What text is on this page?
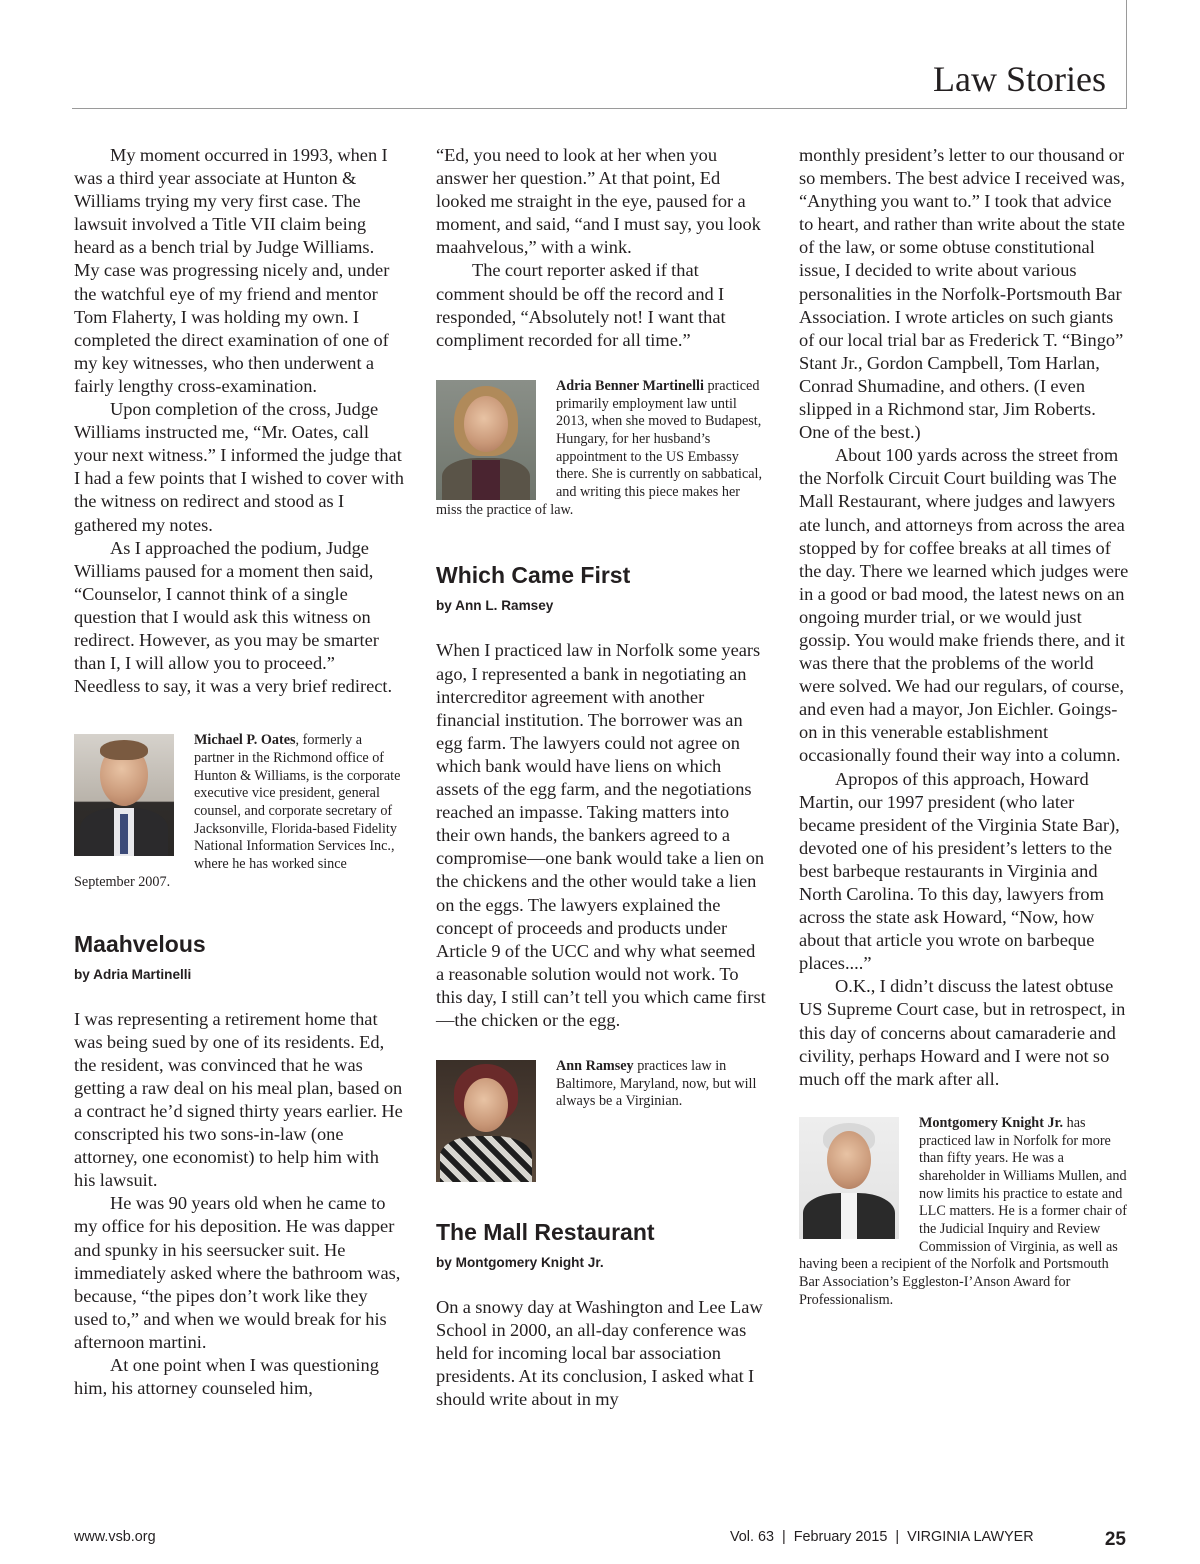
Law Stories

My moment occurred in 1993, when I was a third year associate at Hunton & Williams trying my very first case. The lawsuit involved a Title VII claim being heard as a bench trial by Judge Williams. My case was progressing nicely and, under the watchful eye of my friend and mentor Tom Flaherty, I was holding my own. I completed the direct examination of one of my key witnesses, who then underwent a fairly lengthy cross-examination.

Upon completion of the cross, Judge Williams instructed me, “Mr. Oates, call your next witness.” I informed the judge that I had a few points that I wished to cover with the witness on redirect and stood as I gathered my notes.

As I approached the podium, Judge Williams paused for a moment then said, “Counselor, I cannot think of a single question that I would ask this witness on redirect. However, as you may be smarter than I, I will allow you to proceed.” Needless to say, it was a very brief redirect.

Michael P. Oates, formerly a partner in the Richmond office of Hunton & Williams, is the corporate executive vice president, general counsel, and corporate secretary of Jacksonville, Florida-based Fidelity National Information Services Inc., where he has worked since September 2007.

Maahvelous
by Adria Martinelli

I was representing a retirement home that was being sued by one of its residents. Ed, the resident, was convinced that he was getting a raw deal on his meal plan, based on a contract he’d signed thirty years earlier. He conscripted his two sons-in-law (one attorney, one economist) to help him with his lawsuit.

He was 90 years old when he came to my office for his deposition. He was dapper and spunky in his seersucker suit. He immediately asked where the bathroom was, because, “the pipes don’t work like they used to,” and when we would break for his afternoon martini.

At one point when I was questioning him, his attorney counseled him,

“Ed, you need to look at her when you answer her question.” At that point, Ed looked me straight in the eye, paused for a moment, and said, “and I must say, you look maahvelous,” with a wink.

The court reporter asked if that comment should be off the record and I responded, “Absolutely not! I want that compliment recorded for all time.”

Adria Benner Martinelli practiced primarily employment law until 2013, when she moved to Budapest, Hungary, for her husband’s appointment to the US Embassy there. She is currently on sabbatical, and writing this piece makes her miss the practice of law.

Which Came First
by Ann L. Ramsey

When I practiced law in Norfolk some years ago, I represented a bank in negotiating an intercreditor agreement with another financial institution. The borrower was an egg farm. The lawyers could not agree on which bank would have liens on which assets of the egg farm, and the negotiations reached an impasse. Taking matters into their own hands, the bankers agreed to a compromise—one bank would take a lien on the chickens and the other would take a lien on the eggs. The lawyers explained the concept of proceeds and products under Article 9 of the UCC and why what seemed a reasonable solution would not work. To this day, I still can’t tell you which came first—the chicken or the egg.

Ann Ramsey practices law in Baltimore, Maryland, now, but will always be a Virginian.

The Mall Restaurant
by Montgomery Knight Jr.

On a snowy day at Washington and Lee Law School in 2000, an all-day conference was held for incoming local bar association presidents. At its conclusion, I asked what I should write about in my

monthly president’s letter to our thousand or so members. The best advice I received was, “Anything you want to.” I took that advice to heart, and rather than write about the state of the law, or some obtuse constitutional issue, I decided to write about various personalities in the Norfolk-Portsmouth Bar Association. I wrote articles on such giants of our local trial bar as Frederick T. “Bingo” Stant Jr., Gordon Campbell, Tom Harlan, Conrad Shumadine, and others. (I even slipped in a Richmond star, Jim Roberts. One of the best.)

About 100 yards across the street from the Norfolk Circuit Court building was The Mall Restaurant, where judges and lawyers ate lunch, and attorneys from across the area stopped by for coffee breaks at all times of the day. There we learned which judges were in a good or bad mood, the latest news on an ongoing murder trial, or we would just gossip. You would make friends there, and it was there that the problems of the world were solved. We had our regulars, of course, and even had a mayor, Jon Eichler. Goings-on in this venerable establishment occasionally found their way into a column.

Apropos of this approach, Howard Martin, our 1997 president (who later became president of the Virginia State Bar), devoted one of his president’s letters to the best barbeque restaurants in Virginia and North Carolina. To this day, lawyers from across the state ask Howard, “Now, how about that article you wrote on barbeque places....”

O.K., I didn’t discuss the latest obtuse US Supreme Court case, but in retrospect, in this day of concerns about camaraderie and civility, perhaps Howard and I were not so much off the mark after all.

Montgomery Knight Jr. has practiced law in Norfolk for more than fifty years. He was a shareholder in Williams Mullen, and now limits his practice to estate and LLC matters. He is a former chair of the Judicial Inquiry and Review Commission of Virginia, as well as having been a recipient of the Norfolk and Portsmouth Bar Association’s Eggleston-I’Anson Award for Professionalism.

www.vsb.org	Vol. 63  |  February 2015  |  VIRGINIA LAWYER	25
